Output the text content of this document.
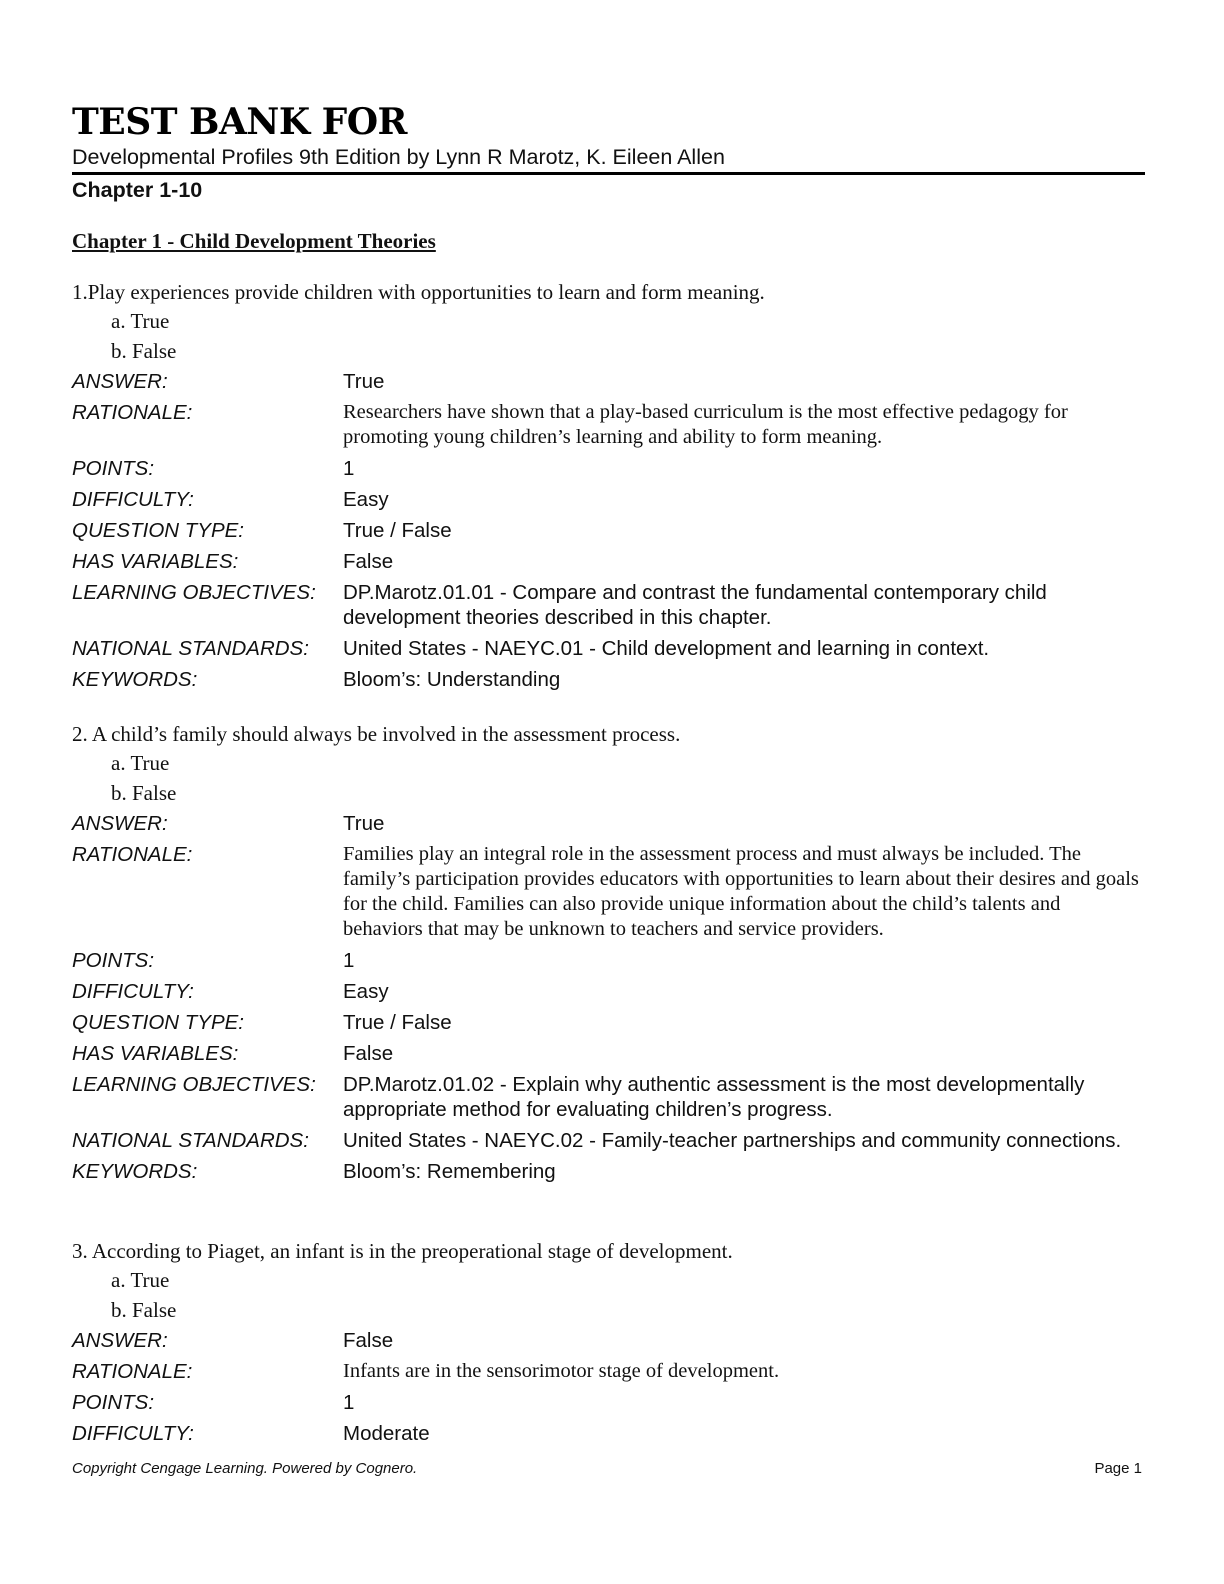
TEST BANK FOR
Developmental Profiles 9th Edition by Lynn R Marotz, K. Eileen Allen
Chapter 1-10
Chapter 1 - Child Development Theories
1.Play experiences provide children with opportunities to learn and form meaning.
a. True
b. False
ANSWER:	True
RATIONALE:	Researchers have shown that a play-based curriculum is the most effective pedagogy for promoting young children’s learning and ability to form meaning.
POINTS:	1
DIFFICULTY:	Easy
QUESTION TYPE:	True / False
HAS VARIABLES:	False
LEARNING OBJECTIVES:	DP.Marotz.01.01 - Compare and contrast the fundamental contemporary child development theories described in this chapter.
NATIONAL STANDARDS:	United States - NAEYC.01 - Child development and learning in context.
KEYWORDS:	Bloom’s: Understanding
2. A child’s family should always be involved in the assessment process.
a. True
b. False
ANSWER:	True
RATIONALE:	Families play an integral role in the assessment process and must always be included. The family’s participation provides educators with opportunities to learn about their desires and goals for the child. Families can also provide unique information about the child’s talents and behaviors that may be unknown to teachers and service providers.
POINTS:	1
DIFFICULTY:	Easy
QUESTION TYPE:	True / False
HAS VARIABLES:	False
LEARNING OBJECTIVES:	DP.Marotz.01.02 - Explain why authentic assessment is the most developmentally appropriate method for evaluating children’s progress.
NATIONAL STANDARDS:	United States - NAEYC.02 - Family-teacher partnerships and community connections.
KEYWORDS:	Bloom’s: Remembering
3. According to Piaget, an infant is in the preoperational stage of development.
a. True
b. False
ANSWER:	False
RATIONALE:	Infants are in the sensorimotor stage of development.
POINTS:	1
DIFFICULTY:	Moderate
Copyright Cengage Learning. Powered by Cognero.	Page 1
